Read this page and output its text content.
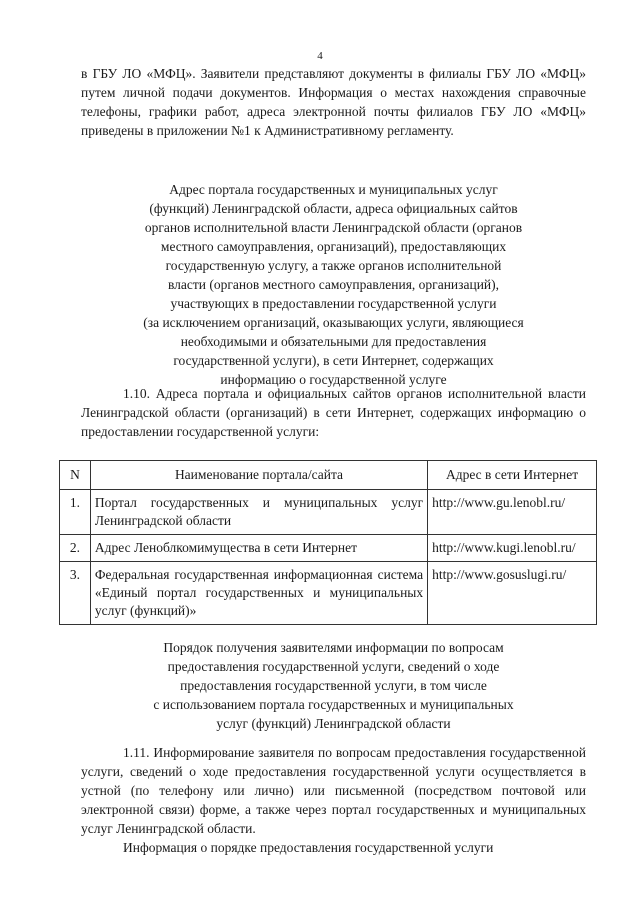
4

в ГБУ ЛО «МФЦ». Заявители представляют документы в филиалы ГБУ ЛО «МФЦ» путем личной подачи документов. Информация о местах нахождения справочные телефоны, графики работ, адреса электронной почты филиалов ГБУ ЛО «МФЦ» приведены в приложении №1 к Административному регламенту.

Адрес портала государственных и муниципальных услуг
(функций) Ленинградской области, адреса официальных сайтов
органов исполнительной власти Ленинградской области (органов
местного самоуправления, организаций), предоставляющих
государственную услугу, а также органов исполнительной
власти (органов местного самоуправления, организаций),
участвующих в предоставлении государственной услуги
(за исключением организаций, оказывающих услуги, являющиеся
необходимыми и обязательными для предоставления
государственной услуги), в сети Интернет, содержащих
информацию о государственной услуге

1.10. Адреса портала и официальных сайтов органов исполнительной власти Ленинградской области (организаций) в сети Интернет, содержащих информацию о предоставлении государственной услуги:

N	Наименование портала/сайта	Адрес в сети Интернет
1.	Портал государственных и муниципальных услуг Ленинградской области	http://www.gu.lenobl.ru/
2.	Адрес Леноблкомимущества в сети Интернет	http://www.kugi.lenobl.ru/
3.	Федеральная государственная информационная система «Единый портал государственных и муниципальных услуг (функций)»	http://www.gosuslugi.ru/
Порядок получения заявителями информации по вопросам
предоставления государственной услуги, сведений о ходе
предоставления государственной услуги, в том числе
с использованием портала государственных и муниципальных
услуг (функций) Ленинградской области

1.11. Информирование заявителя по вопросам предоставления государственной услуги, сведений о ходе предоставления государственной услуги осуществляется в устной (по телефону или лично) или письменной (посредством почтовой или электронной связи) форме, а также через портал государственных и муниципальных услуг Ленинградской области.

Информация о порядке предоставления государственной услуги
